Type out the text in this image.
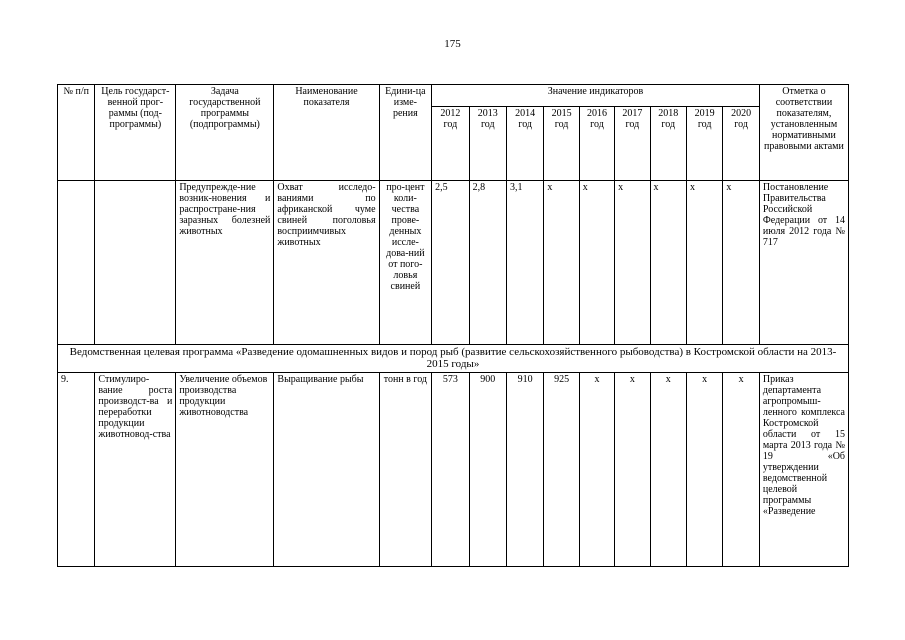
175
№ п/п	Цель государст-венной прог-раммы (под-программы)	Задача государственной программы (подпрограммы)	Наименование показателя	Едини-ца изме-рения	Значение индикаторов									Отметка о соответствии показателям, установленным нормативными правовыми актами
					2012 год	2013 год	2014 год	2015 год	2016 год	2017 год	2018 год	2019 год	2020 год	
		Предупрежде-ние возник-новения и распростране-ния заразных болезней животных	Охват исследо-ваниями по африканской чуме свиней поголовья восприимчивых животных	про-цент коли-чества прове-денных иссле-дова-ний от пого-ловья свиней	2,5	2,8	3,1	х	х	х	х	х	х	Постановление Правительства Российской Федерации от 14 июля 2012 года № 717
Ведомственная целевая программа «Разведение одомашненных видов и пород рыб (развитие сельскохозяйственного рыбоводства) в Костромской области на 2013-2015 годы»														
9.	Стимулиро-вание роста производст-ва и переработки продукции животновод-ства	Увеличение объемов производства продукции животноводства	Выращивание рыбы	тонн в год	573	900	910	925	х	х	х	х	х	Приказ департамента агропромыш-ленного комплекса Костромской области от 15 марта 2013 года № 19 «Об утверждении ведомственной целевой программы «Разведение
